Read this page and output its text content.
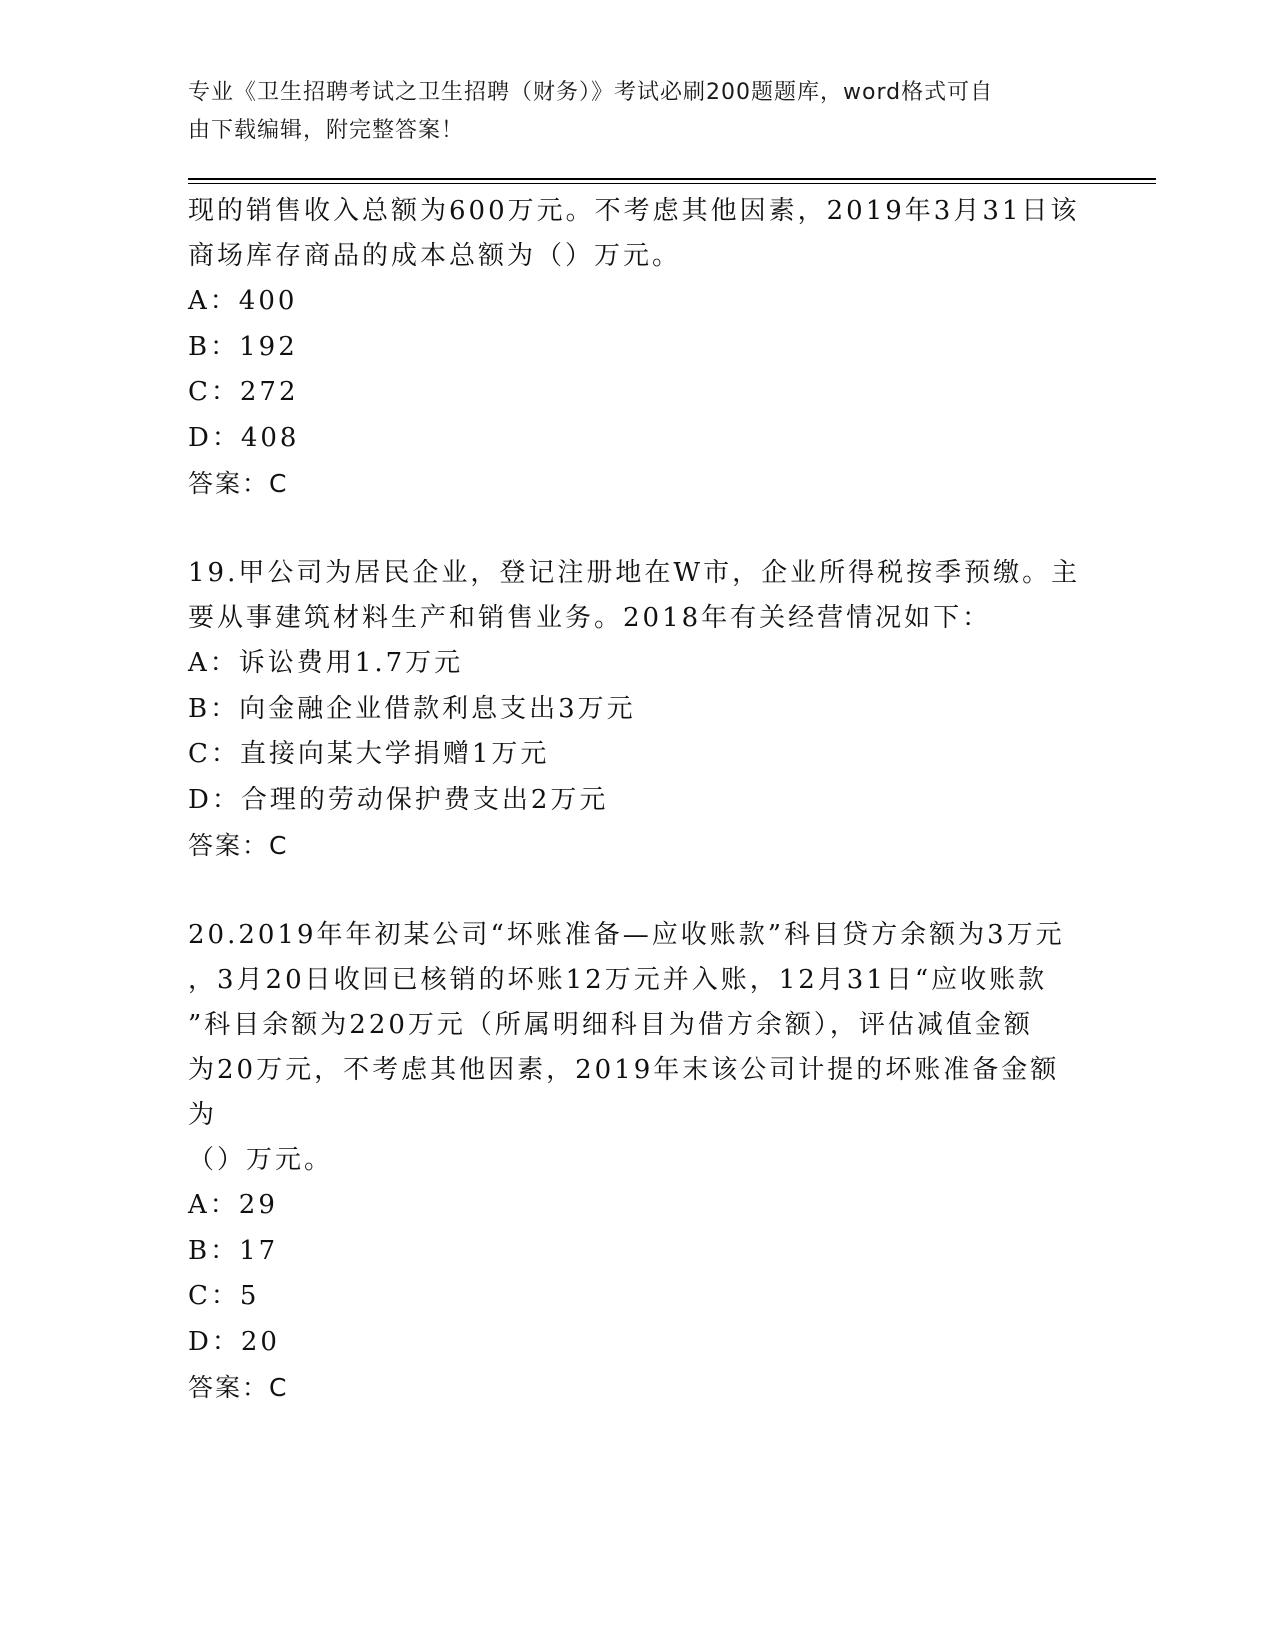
专业《卫生招聘考试之卫生招聘（财务）》考试必刷200题题库，word格式可自
由下载编辑，附完整答案！
现的销售收入总额为600万元。不考虑其他因素，2019年3月31日该
商场库存商品的成本总额为（）万元。
A：400
B：192
C：272
D：408
答案：C
19.甲公司为居民企业，登记注册地在W市，企业所得税按季预缴。主
要从事建筑材料生产和销售业务。2018年有关经营情况如下：
A：诉讼费用1.7万元
B：向金融企业借款利息支出3万元
C：直接向某大学捐赠1万元
D：合理的劳动保护费支出2万元
答案：C
20.2019年年初某公司“坏账准备—应收账款”科目贷方余额为3万元
，3月20日收回已核销的坏账12万元并入账，12月31日“应收账款
”科目余额为220万元（所属明细科目为借方余额），评估减值金额
为20万元，不考虑其他因素，2019年末该公司计提的坏账准备金额为
（）万元。
A：29
B：17
C：5
D：20
答案：C
